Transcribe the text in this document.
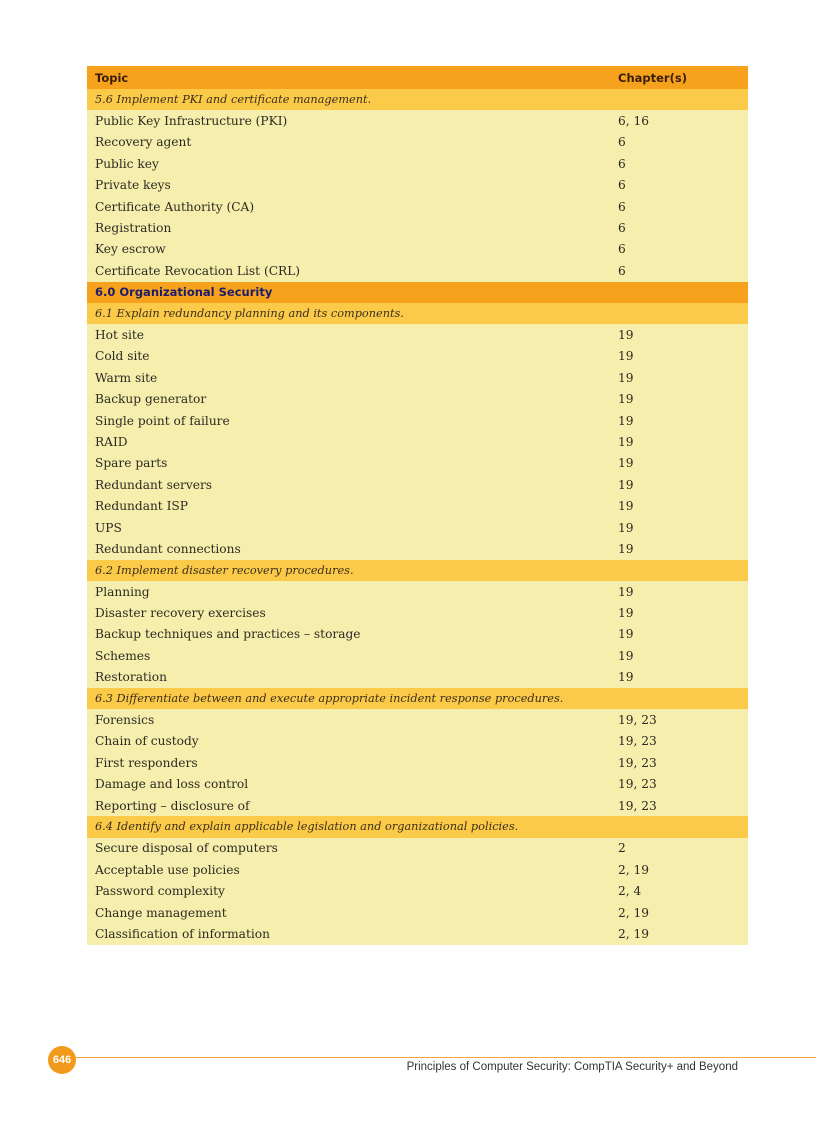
Topic	Chapter(s)
5.6 Implement PKI and certificate management.
Public Key Infrastructure (PKI)	6, 16
Recovery agent	6
Public key	6
Private keys	6
Certificate Authority (CA)	6
Registration	6
Key escrow	6
Certificate Revocation List (CRL)	6
6.0 Organizational Security
6.1 Explain redundancy planning and its components.
Hot site	19
Cold site	19
Warm site	19
Backup generator	19
Single point of failure	19
RAID	19
Spare parts	19
Redundant servers	19
Redundant ISP	19
UPS	19
Redundant connections	19
6.2 Implement disaster recovery procedures.
Planning	19
Disaster recovery exercises	19
Backup techniques and practices – storage	19
Schemes	19
Restoration	19
6.3 Differentiate between and execute appropriate incident response procedures.
Forensics	19, 23
Chain of custody	19, 23
First responders	19, 23
Damage and loss control	19, 23
Reporting – disclosure of	19, 23
6.4 Identify and explain applicable legislation and organizational policies.
Secure disposal of computers	2
Acceptable use policies	2, 19
Password complexity	2, 4
Change management	2, 19
Classification of information	2, 19
646
Principles of Computer Security: CompTIA Security+ and Beyond
